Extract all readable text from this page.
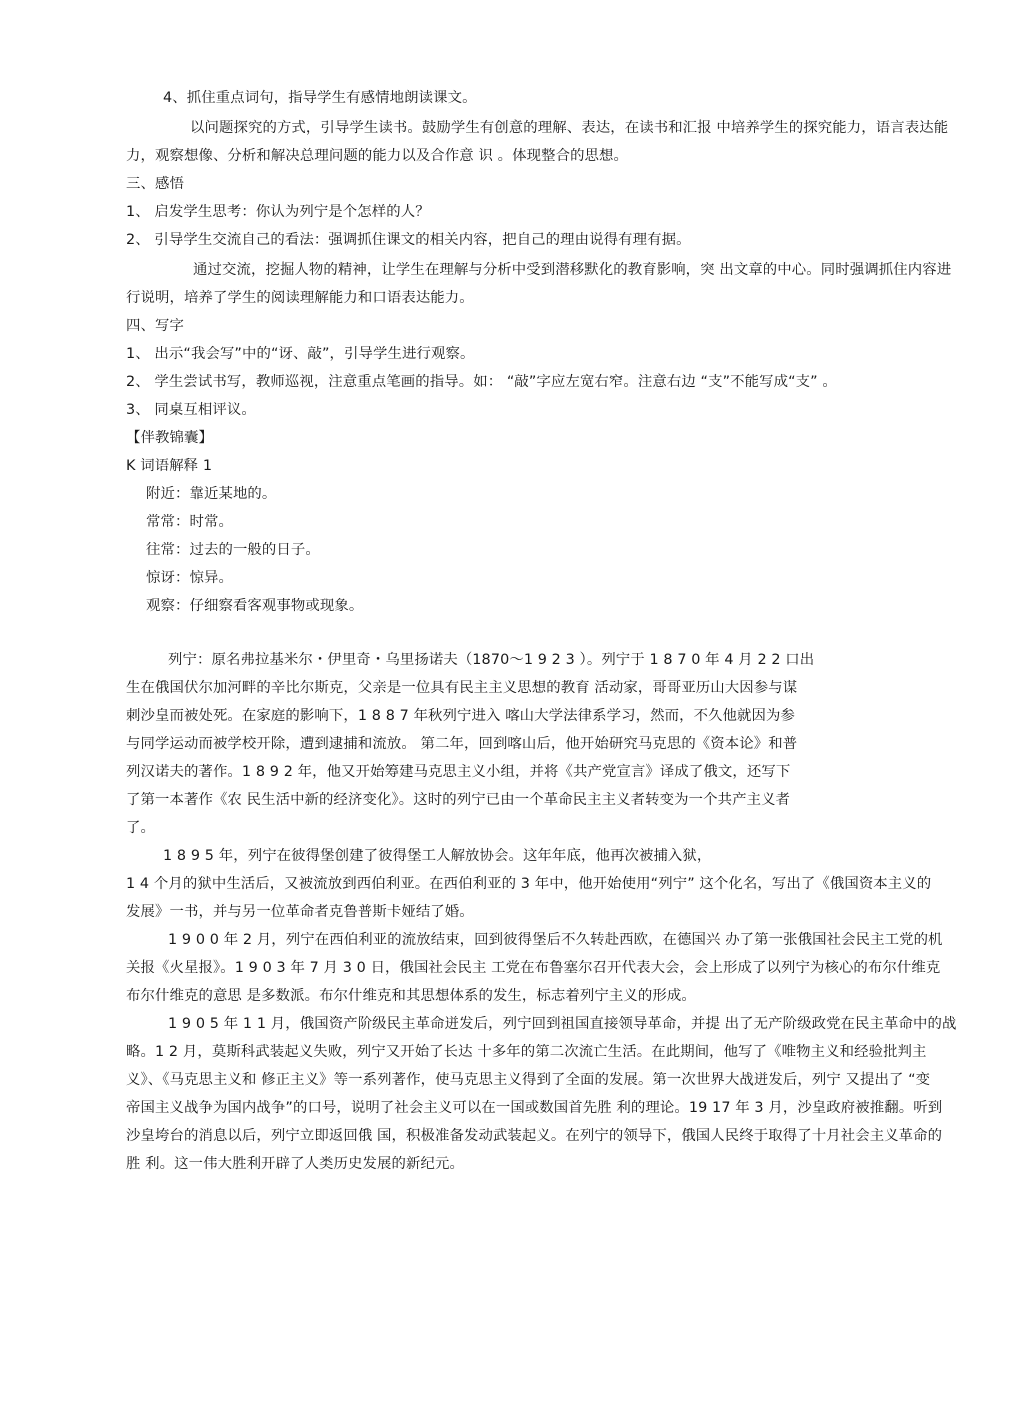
4、抓住重点词句，指导学生有感情地朗读课文。
以问题探究的方式，引导学生读书。鼓励学生有创意的理解、表达，在读书和汇报 中培养学生的探究能力，语言表达能
力，观察想像、分析和解决总理问题的能力以及合作意 识 。体现整合的思想。
三、感悟
1、 启发学生思考：你认为列宁是个怎样的人？
2、 引导学生交流自己的看法：强调抓住课文的相关内容，把自己的理由说得有理有据。
通过交流，挖掘人物的精神，让学生在理解与分析中受到潜移默化的教育影响，突 出文章的中心。同时强调抓住内容进
行说明，培养了学生的阅读理解能力和口语表达能力。
四、写字
1、 出示“我会写”中的“讶、敲”，引导学生进行观察。
2、 学生尝试书写，教师巡视，注意重点笔画的指导。如： “敲”字应左宽右窄。注意右边 “支”不能写成“支” 。
3、 同桌互相评议。
【伴教锦囊】
K 词语解释 1
附近：靠近某地的。
常常：时常。
往常：过去的一般的日子。
惊讶：惊异。
观察：仔细察看客观事物或现象。
列宁：原名弗拉基米尔・伊里奇・乌里扬诺夫（1870～1 9 2 3 ）。列宁于 1 8 7 0 年 4 月 2 2 口出
生在俄国伏尔加河畔的辛比尔斯克，父亲是一位具有民主主义思想的教育 活动家，哥哥亚历山大因参与谋
刺沙皇而被处死。在家庭的影响下，1 8 8 7 年秋列宁进入 喀山大学法律系学习，然而，不久他就因为参
与同学运动而被学校开除，遭到逮捕和流放。 第二年，回到喀山后，他开始研究马克思的《资本论》和普
列汉诺夫的著作。1 8 9 2 年，他又开始筹建马克思主义小组，并将《共产党宣言》译成了俄文，还写下
了第一本著作《农 民生活中新的经济变化》。这时的列宁已由一个革命民主主义者转变为一个共产主义者
了。
1 8 9 5 年，列宁在彼得堡创建了彼得堡工人解放协会。这年年底，他再次被捕入狱，
1 4 个月的狱中生活后，又被流放到西伯利亚。在西伯利亚的 3 年中，他开始使用“列宁” 这个化名，写出了《俄国资本主义的
发展》一书，并与另一位革命者克鲁普斯卡娅结了婚。
1 9 0 0 年 2 月，列宁在西伯利亚的流放结束，回到彼得堡后不久转赴西欧，在德国兴 办了第一张俄国社会民主工党的机
关报《火星报》。1 9 0 3 年 7 月 3 0 日，俄国社会民主 工党在布鲁塞尔召开代表大会，会上形成了以列宁为核心的布尔什维克
布尔什维克的意思 是多数派。布尔什维克和其思想体系的发生，标志着列宁主义的形成。
1 9 0 5 年 1 1 月，俄国资产阶级民主革命迸发后，列宁回到祖国直接领导革命，并提 出了无产阶级政党在民主革命中的战
略。1 2 月，莫斯科武装起义失败，列宁又开始了长达 十多年的第二次流亡生活。在此期间，他写了《唯物主义和经验批判主
义》、《马克思主义和 修正主义》等一系列著作，使马克思主义得到了全面的发展。第一次世界大战迸发后，列宁 又提出了 “变
帝国主义战争为国内战争”的口号，说明了社会主义可以在一国或数国首先胜 利的理论。19 17 年 3 月，沙皇政府被推翻。听到
沙皇垮台的消息以后，列宁立即返回俄 国，积极准备发动武装起义。在列宁的领导下，俄国人民终于取得了十月社会主义革命的
胜 利。这一伟大胜利开辟了人类历史发展的新纪元。
